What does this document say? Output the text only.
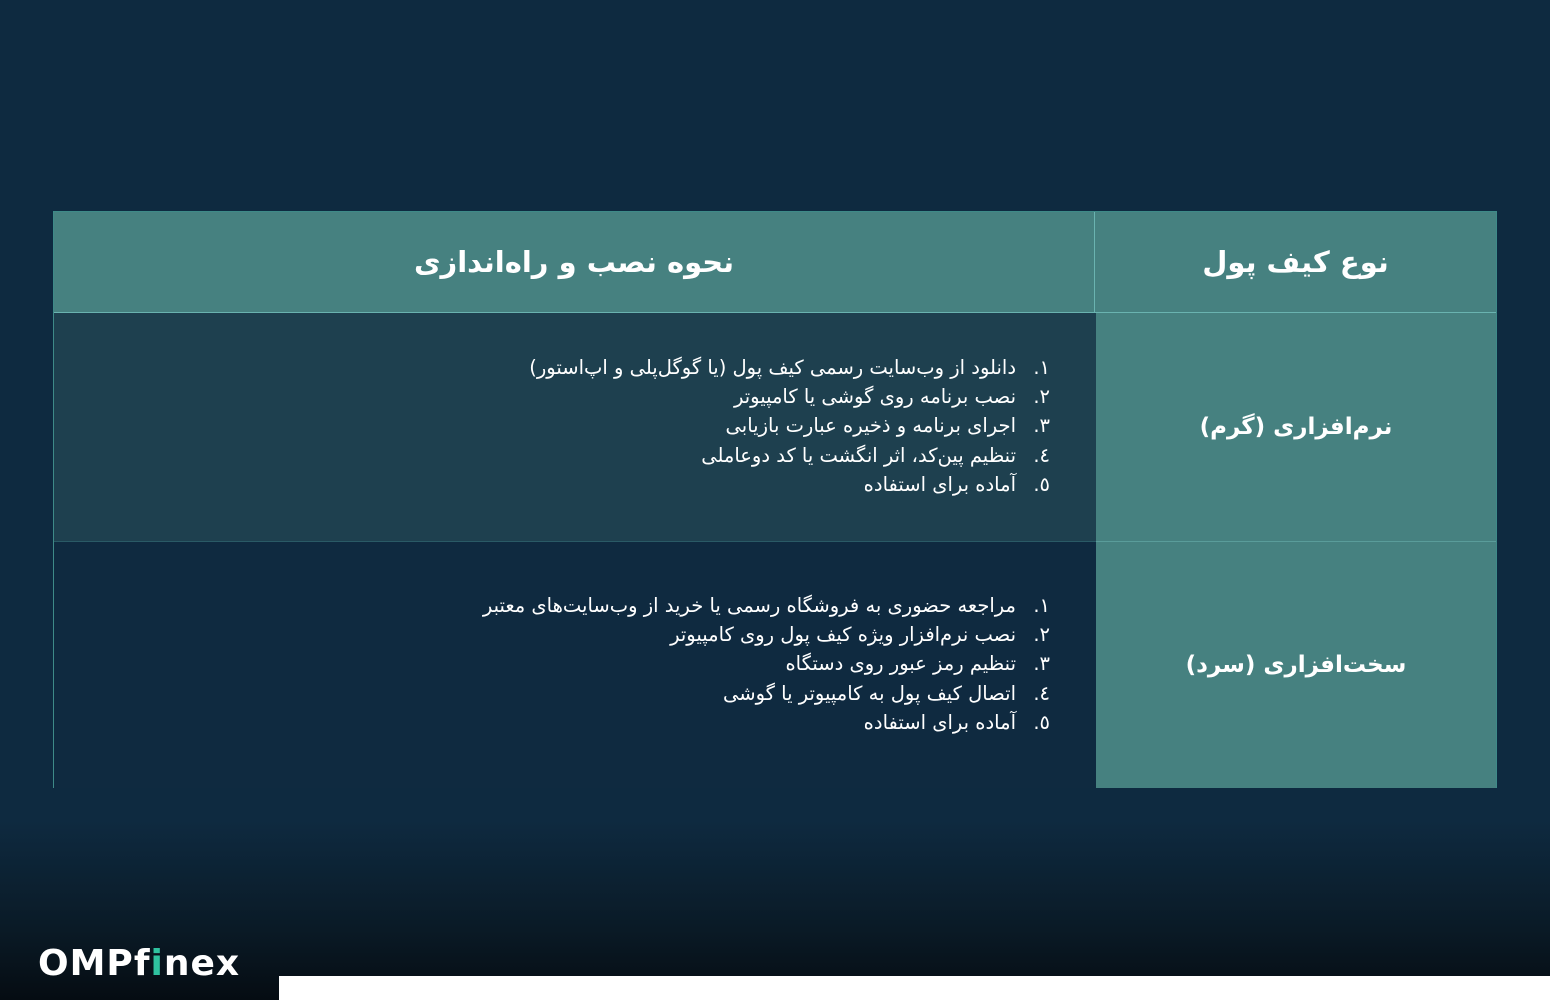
نحوه نصب و راه‌اندازی	نوع کیف پول
۱.
دانلود از وب‌سایت رسمی کیف پول (یا گوگل‌پلی و اپ‌استور)
۲.
نصب برنامه روی گوشی یا کامپیوتر
۳.
اجرای برنامه و ذخیره عبارت بازیابی
٤.
تنظیم پین‌کد، اثر انگشت یا کد دوعاملی
٥.
آماده برای استفاده
نرم‌افزاری (گرم)
۱.
مراجعه حضوری به فروشگاه رسمی یا خرید از وب‌سایت‌های معتبر
۲.
نصب نرم‌افزار ویژه کیف پول روی کامپیوتر
۳.
تنظیم رمز عبور روی دستگاه
٤.
اتصال کیف پول به کامپیوتر یا گوشی
٥.
آماده برای استفاده
سخت‌افزاری (سرد)
OMP f i nex
